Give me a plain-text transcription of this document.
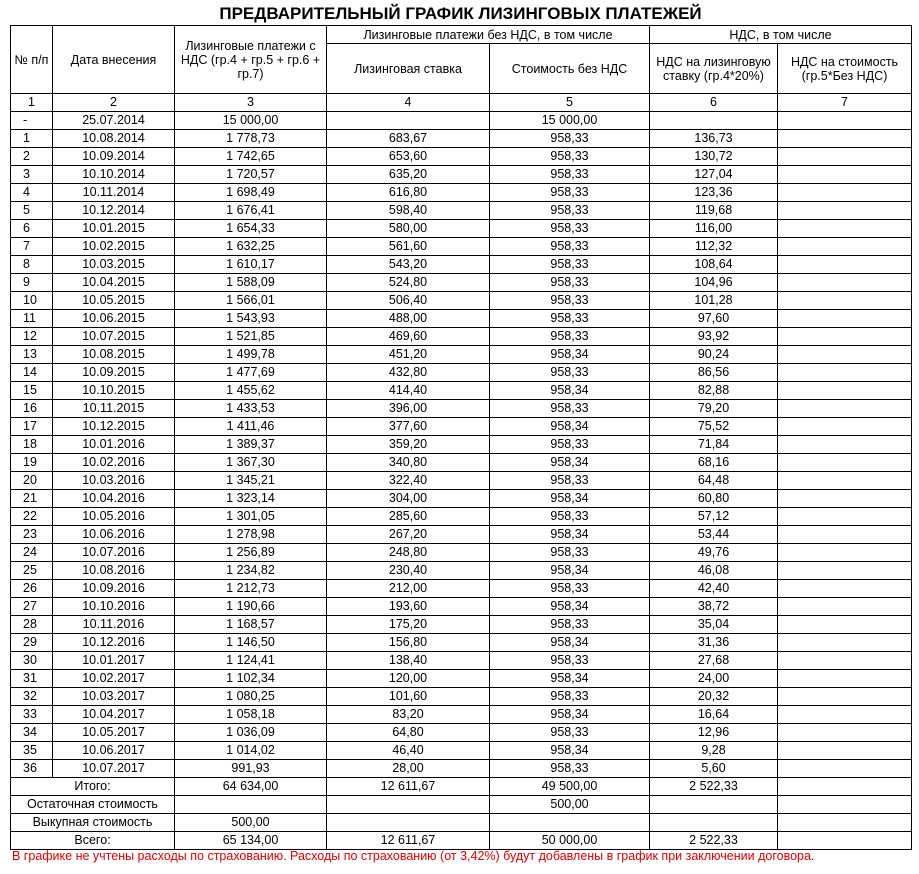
ПРЕДВАРИТЕЛЬНЫЙ ГРАФИК ЛИЗИНГОВЫХ ПЛАТЕЖЕЙ
№ п/п	Дата внесения	Лизинговые платежи с НДС (гр.4 + гр.5 + гр.6 + гр.7)	Лизинговые платежи без НДС, в том числе		НДС, в том числе	
			Лизинговая ставка	Стоимость без НДС	НДС на лизинговую ставку (гр.4*20%)	НДС на стоимость (гр.5*Без НДС)
1	2	3	4	5	6	7
-	25.07.2014	15 000,00		15 000,00		
1	10.08.2014	1 778,73	683,67	958,33	136,73	
2	10.09.2014	1 742,65	653,60	958,33	130,72	
3	10.10.2014	1 720,57	635,20	958,33	127,04	
4	10.11.2014	1 698,49	616,80	958,33	123,36	
5	10.12.2014	1 676,41	598,40	958,33	119,68	
6	10.01.2015	1 654,33	580,00	958,33	116,00	
7	10.02.2015	1 632,25	561,60	958,33	112,32	
8	10.03.2015	1 610,17	543,20	958,33	108,64	
9	10.04.2015	1 588,09	524,80	958,33	104,96	
10	10.05.2015	1 566,01	506,40	958,33	101,28	
11	10.06.2015	1 543,93	488,00	958,33	97,60	
12	10.07.2015	1 521,85	469,60	958,33	93,92	
13	10.08.2015	1 499,78	451,20	958,34	90,24	
14	10.09.2015	1 477,69	432,80	958,33	86,56	
15	10.10.2015	1 455,62	414,40	958,34	82,88	
16	10.11.2015	1 433,53	396,00	958,33	79,20	
17	10.12.2015	1 411,46	377,60	958,34	75,52	
18	10.01.2016	1 389,37	359,20	958,33	71,84	
19	10.02.2016	1 367,30	340,80	958,34	68,16	
20	10.03.2016	1 345,21	322,40	958,33	64,48	
21	10.04.2016	1 323,14	304,00	958,34	60,80	
22	10.05.2016	1 301,05	285,60	958,33	57,12	
23	10.06.2016	1 278,98	267,20	958,34	53,44	
24	10.07.2016	1 256,89	248,80	958,33	49,76	
25	10.08.2016	1 234,82	230,40	958,34	46,08	
26	10.09.2016	1 212,73	212,00	958,33	42,40	
27	10.10.2016	1 190,66	193,60	958,34	38,72	
28	10.11.2016	1 168,57	175,20	958,33	35,04	
29	10.12.2016	1 146,50	156,80	958,34	31,36	
30	10.01.2017	1 124,41	138,40	958,33	27,68	
31	10.02.2017	1 102,34	120,00	958,34	24,00	
32	10.03.2017	1 080,25	101,60	958,33	20,32	
33	10.04.2017	1 058,18	83,20	958,34	16,64	
34	10.05.2017	1 036,09	64,80	958,33	12,96	
35	10.06.2017	1 014,02	46,40	958,34	9,28	
36	10.07.2017	991,93	28,00	958,33	5,60	
Итого:		64 634,00	12 611,67	49 500,00	2 522,33	
Остаточная стоимость				500,00		
Выкупная стоимость		500,00				
Всего:		65 134,00	12 611,67	50 000,00	2 522,33	
В графике не учтены расходы по страхованию. Расходы по страхованию (от 3,42%) будут добавлены в график при заключении договора.
